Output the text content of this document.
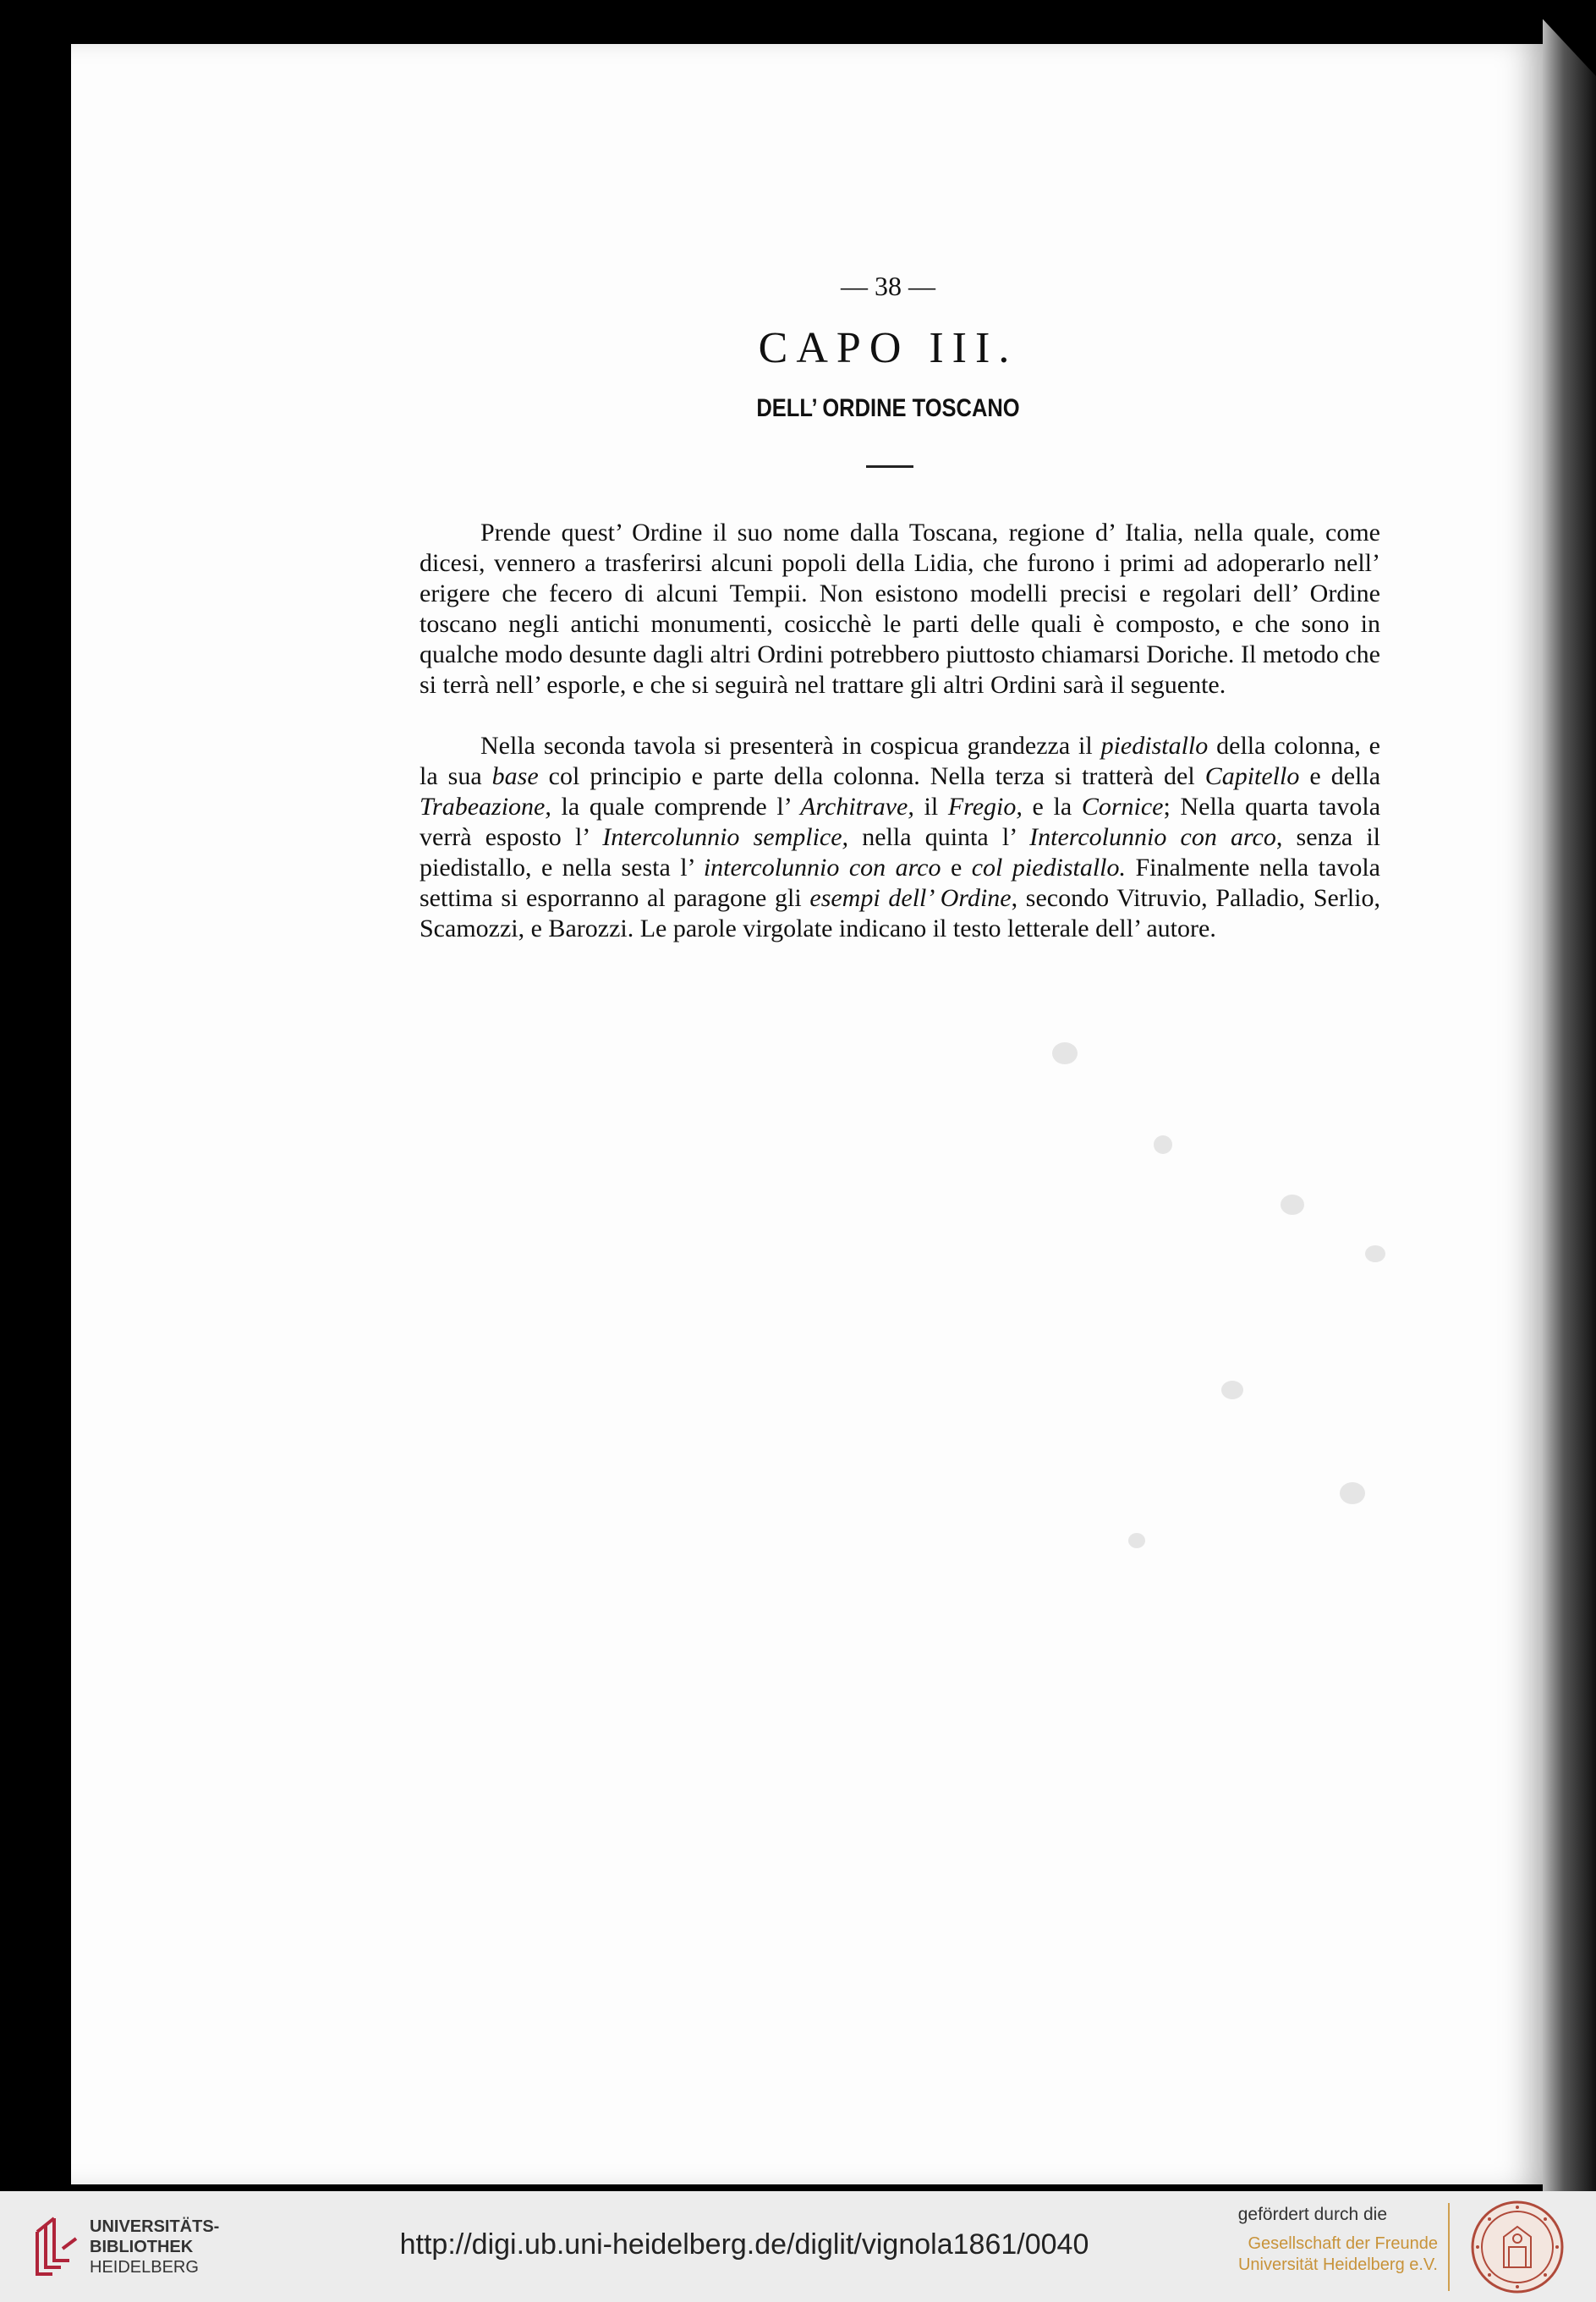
— 38 —
CAPO III.
DELL’ ORDINE TOSCANO

Prende quest’ Ordine il suo nome dalla Toscana, regione d’ Italia, nella quale, come dicesi, vennero a trasferirsi alcuni popoli della Lidia, che furono i primi ad adoperarlo nell’ erigere che fecero di alcuni Tempii. Non esistono modelli precisi e regolari dell’ Ordine toscano negli antichi monumenti, cosicchè le parti delle quali è composto, e che sono in qualche modo desunte dagli altri Ordini potrebbero piuttosto chiamarsi Doriche. Il metodo che si terrà nell’ esporle, e che si seguirà nel trattare gli altri Ordini sarà il seguente.

Nella seconda tavola si presenterà in cospicua grandezza il piedistallo della colonna, e la sua base col principio e parte della colonna. Nella terza si tratterà del Capitello e della Trabeazione, la quale comprende l’ Architrave, il Fregio, e la Cornice; Nella quarta tavola verrà esposto l’ Intercolunnio semplice, nella quinta l’ Intercolunnio con arco, senza il piedistallo, e nella sesta l’ intercolunnio con arco e col piedistallo. Finalmente nella tavola settima si esporranno al paragone gli esempi dell’ Ordine, secondo Vitruvio, Palladio, Serlio, Scamozzi, e Barozzi. Le parole virgolate indicano il testo letterale dell’ autore.

UNIVERSITÄTS-
BIBLIOTHEK
HEIDELBERG
http://digi.ub.uni-heidelberg.de/diglit/vignola1861/0040
gefördert durch die
Gesellschaft der Freunde
Universität Heidelberg e.V.
